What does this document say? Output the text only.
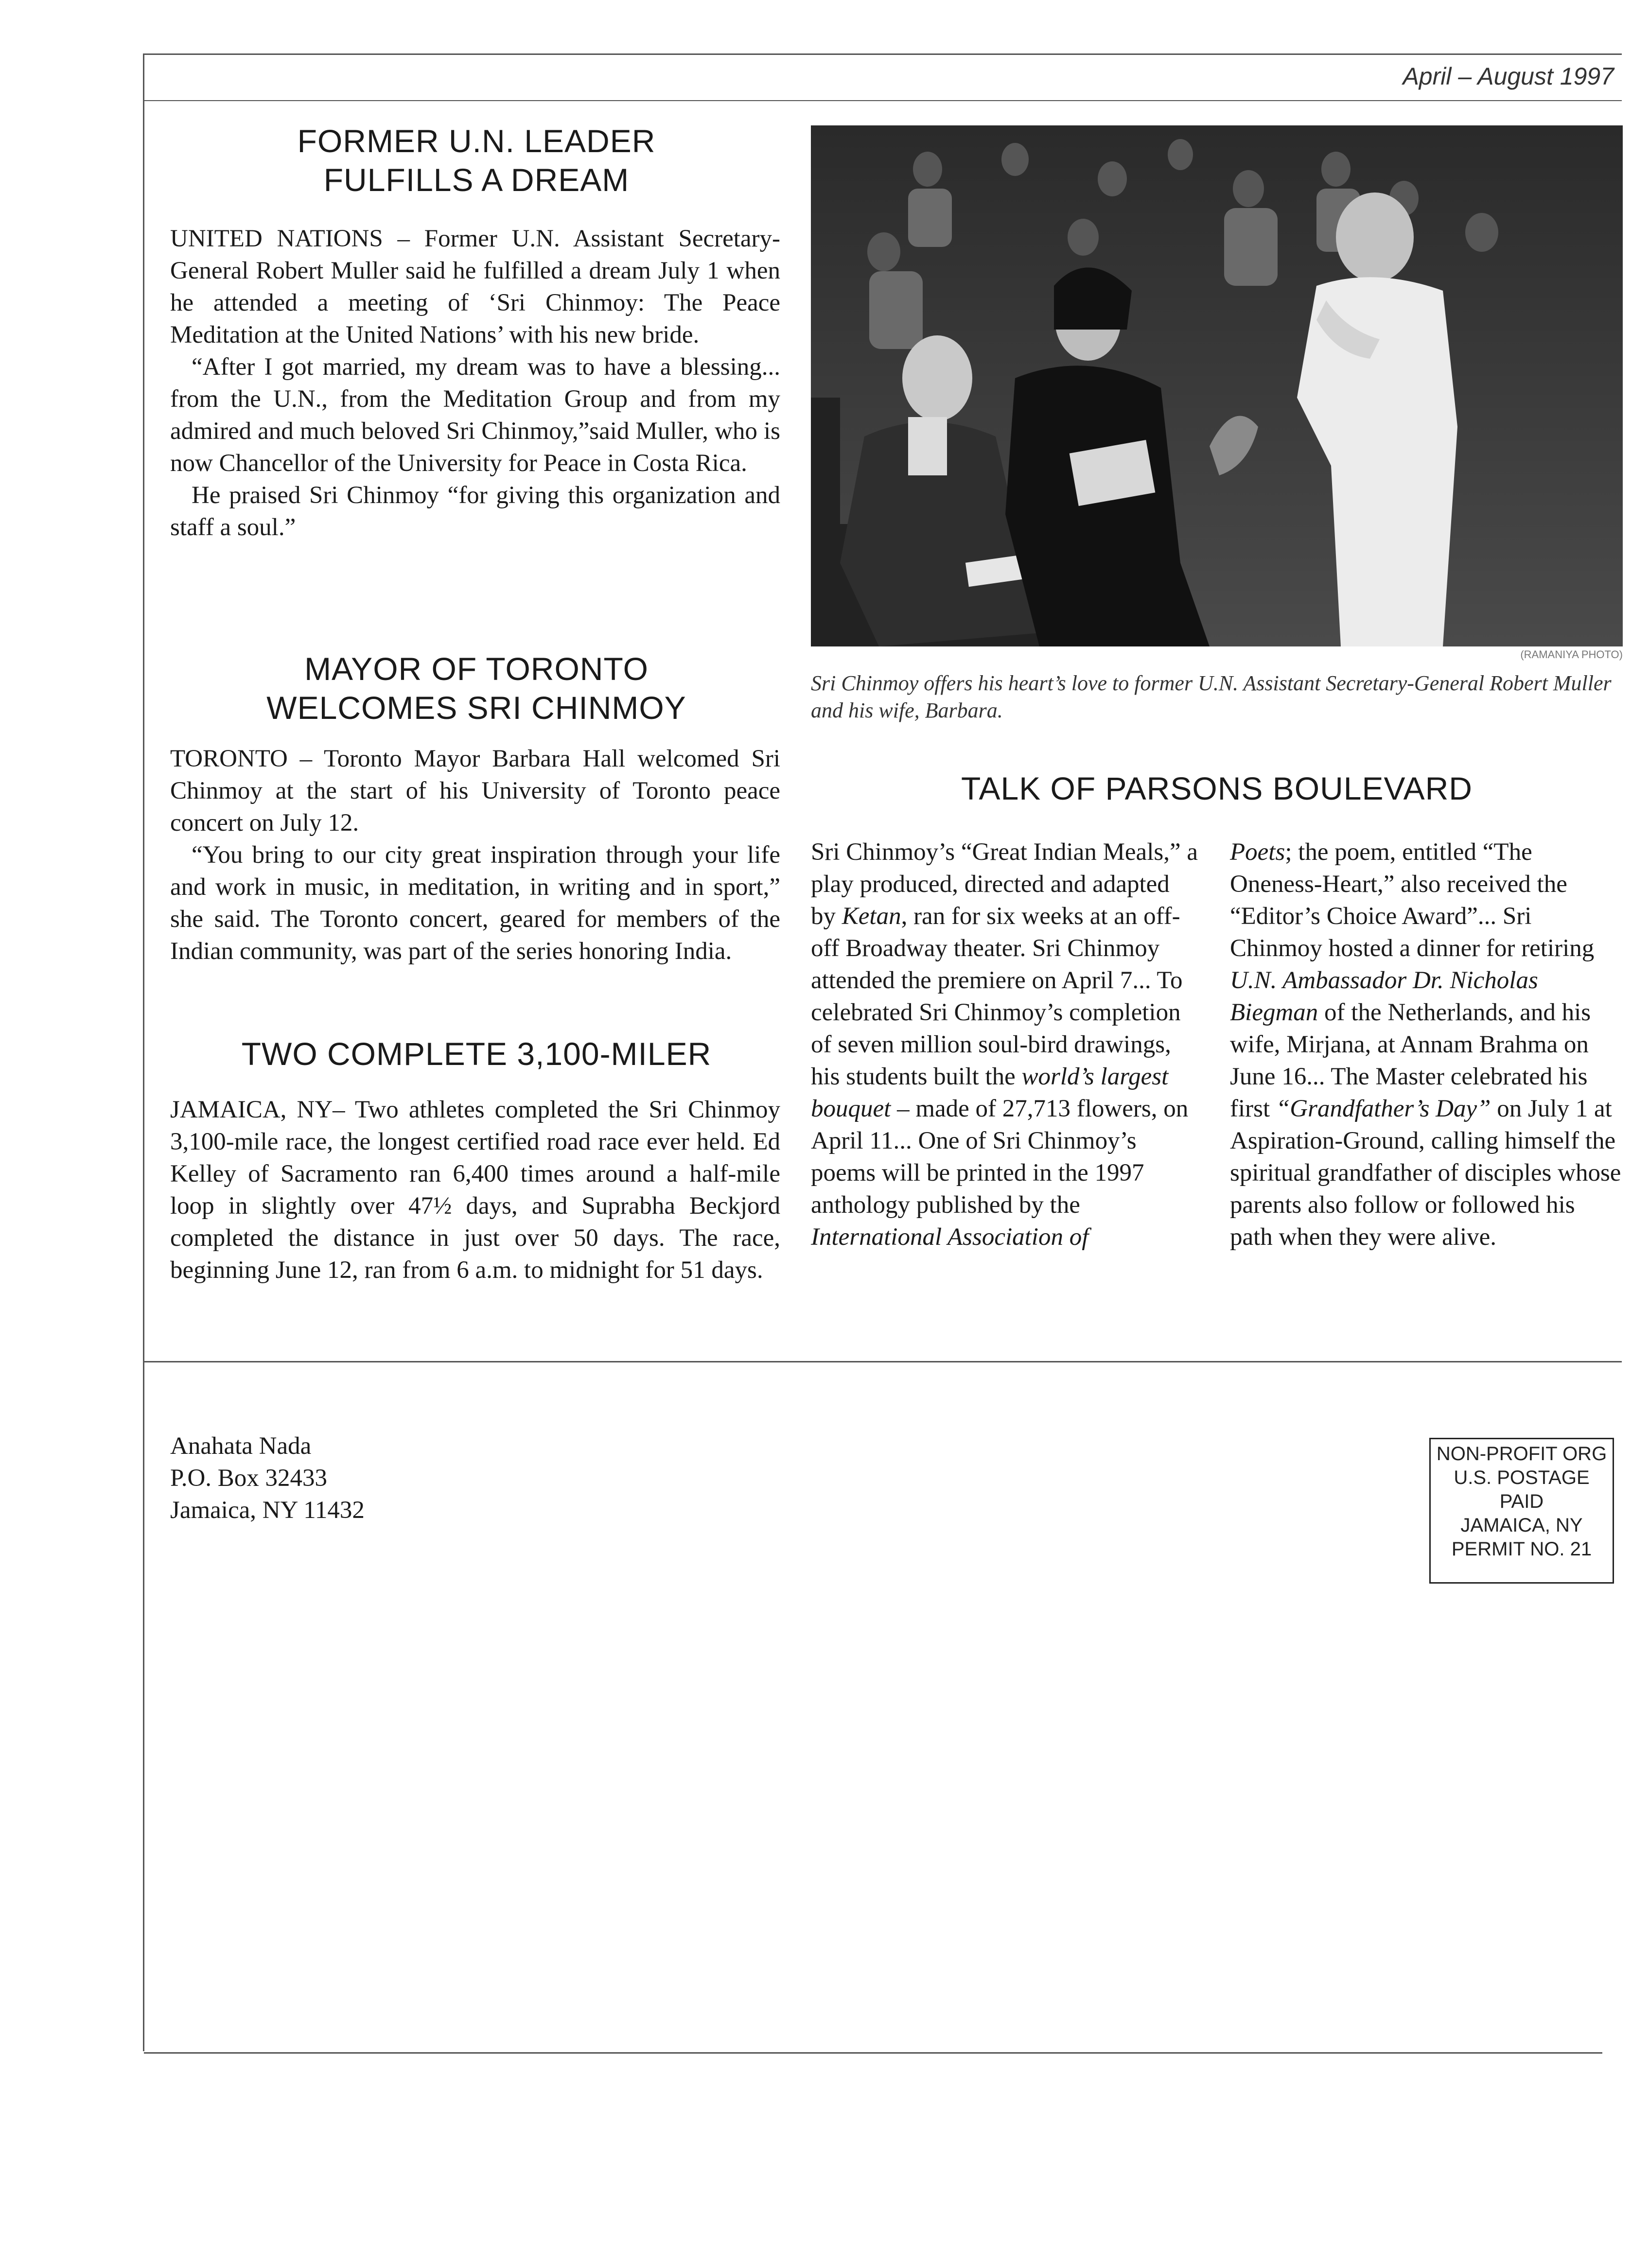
April – August 1997
FORMER U.N. LEADER
FULFILLS A DREAM

UNITED NATIONS – Former U.N. Assistant Secretary-General Robert Muller said he fulfilled a dream July 1 when he attended a meeting of ‘Sri Chinmoy: The Peace Meditation at the United Nations’ with his new bride.

“After I got married, my dream was to have a blessing... from the U.N., from the Meditation Group and from my admired and much beloved Sri Chinmoy,”said Muller, who is now Chancellor of the University for Peace in Costa Rica.

He praised Sri Chinmoy “for giving this organization and staff a soul.”

MAYOR OF TORONTO
WELCOMES SRI CHINMOY

TORONTO – Toronto Mayor Barbara Hall welcomed Sri Chinmoy at the start of his University of Toronto peace concert on July 12.

“You bring to our city great inspiration through your life and work in music, in meditation, in writing and in sport,” she said. The Toronto concert, geared for members of the Indian community, was part of the series honoring India.

TWO COMPLETE 3,100-MILER

JAMAICA, NY– Two athletes completed the Sri Chinmoy 3,100-mile race, the longest certified road race ever held. Ed Kelley of Sacramento ran 6,400 times around a half-mile loop in slightly over 47½ days, and Suprabha Beckjord completed the distance in just over 50 days. The race, beginning June 12, ran from 6 a.m. to midnight for 51 days.

(RAMANIYA PHOTO)
Sri Chinmoy offers his heart’s love to former U.N. Assistant Secretary-General Robert Muller and his wife, Barbara.
TALK OF PARSONS BOULEVARD
Sri Chinmoy’s “Great Indian Meals,” a play produced, directed and adapted by Ketan, ran for six weeks at an off-off Broadway theater. Sri Chinmoy attended the premiere on April 7... To celebrated Sri Chinmoy’s completion of seven million soul-bird drawings, his students built the world’s largest bouquet – made of 27,713 flowers, on April 11... One of Sri Chinmoy’s poems will be printed in the 1997 anthology published by the International Association of
Poets; the poem, entitled “The Oneness-Heart,” also received the “Editor’s Choice Award”... Sri Chinmoy hosted a dinner for retiring U.N. Ambassador Dr. Nicholas Biegman of the Netherlands, and his wife, Mirjana, at Annam Brahma on June 16... The Master celebrated his first “Grandfather’s Day” on July 1 at Aspiration-Ground, calling himself the spiritual grandfather of disciples whose parents also follow or followed his path when they were alive.
Anahata Nada
P.O. Box 32433
Jamaica, NY 11432
NON-PROFIT ORG
U.S. POSTAGE
PAID
JAMAICA, NY
PERMIT NO. 21
